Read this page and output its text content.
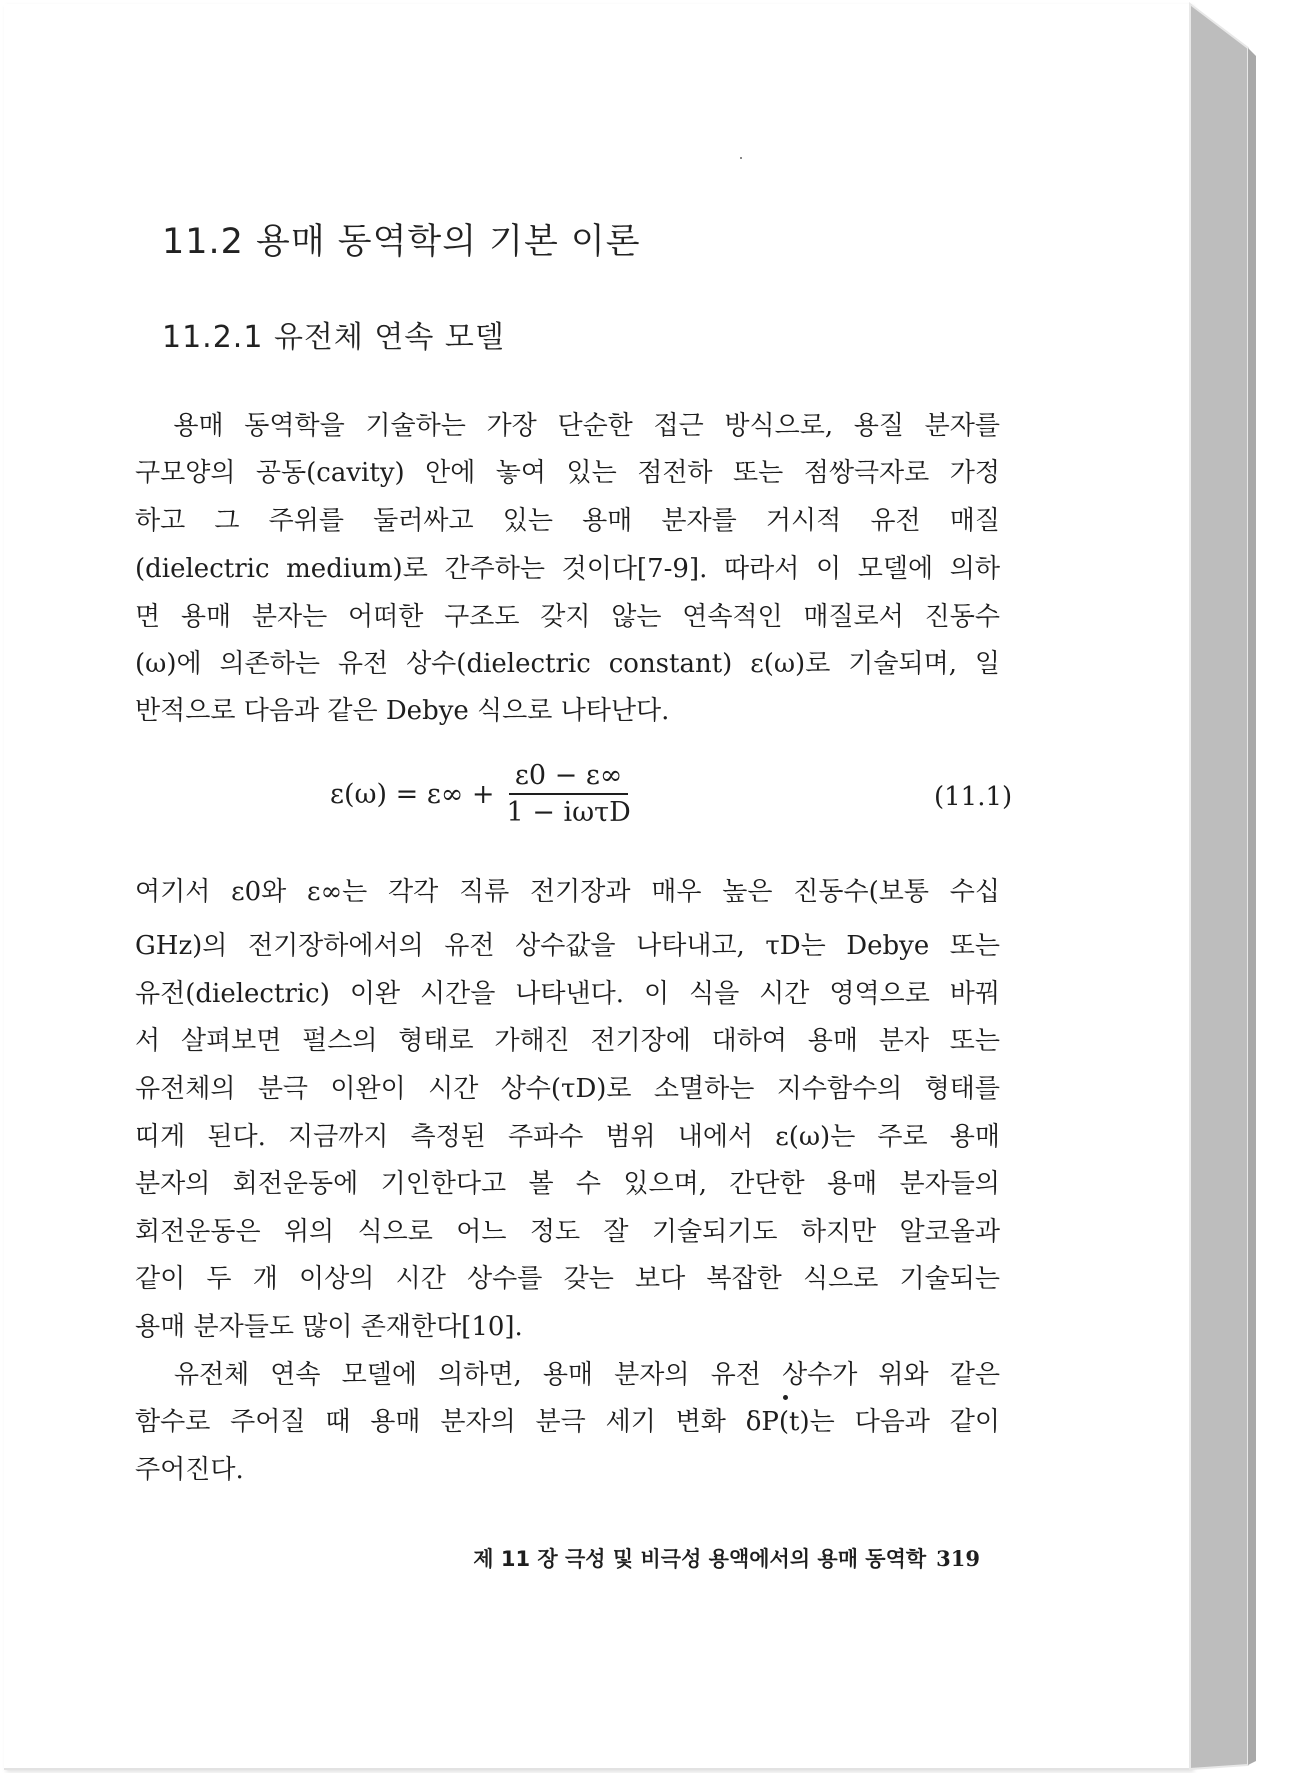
11.2 용매 동역학의 기본 이론
11.2.1 유전체 연속 모델
　용매 동역학을 기술하는 가장 단순한 접근 방식으로, 용질 분자를
구모양의 공동(cavity) 안에 놓여 있는 점전하 또는 점쌍극자로 가정
하고 그 주위를 둘러싸고 있는 용매 분자를 거시적 유전 매질
(dielectric medium)로 간주하는 것이다[7-9]. 따라서 이 모델에 의하
면 용매 분자는 어떠한 구조도 갖지 않는 연속적인 매질로서 진동수
(ω)에 의존하는 유전 상수(dielectric constant) ε(ω)로 기술되며, 일
반적으로 다음과 같은 Debye 식으로 나타난다.
$\varepsilon(\omega) = \varepsilon\infty + \frac{\varepsilon 0 - \varepsilon\infty}{\text{1 − iωτD}}$	(11.1)
여기서 ε0와 ε∞는 각각 직류 전기장과 매우 높은 진동수(보통 수십
GHz)의 전기장하에서의 유전 상수값을 나타내고, τD는 Debye 또는
유전(dielectric) 이완 시간을 나타낸다. 이 식을 시간 영역으로 바꿔
서 살펴보면 펄스의 형태로 가해진 전기장에 대하여 용매 분자 또는
유전체의 분극 이완이 시간 상수(τD)로 소멸하는 지수함수의 형태를
띠게 된다. 지금까지 측정된 주파수 범위 내에서 ε(ω)는 주로 용매
분자의 회전운동에 기인한다고 볼 수 있으며, 간단한 용매 분자들의
회전운동은 위의 식으로 어느 정도 잘 기술되기도 하지만 알코올과
같이 두 개 이상의 시간 상수를 갖는 보다 복잡한 식으로 기술되는
용매 분자들도 많이 존재한다[10].
　유전체 연속 모델에 의하면, 용매 분자의 유전 상수가 위와 같은
함수로 주어질 때 용매 분자의 분극 세기 변화 δP(t)는 다음과 같이
주어진다.
제 11 장 극성 및 비극성 용액에서의 용매 동역학 319
